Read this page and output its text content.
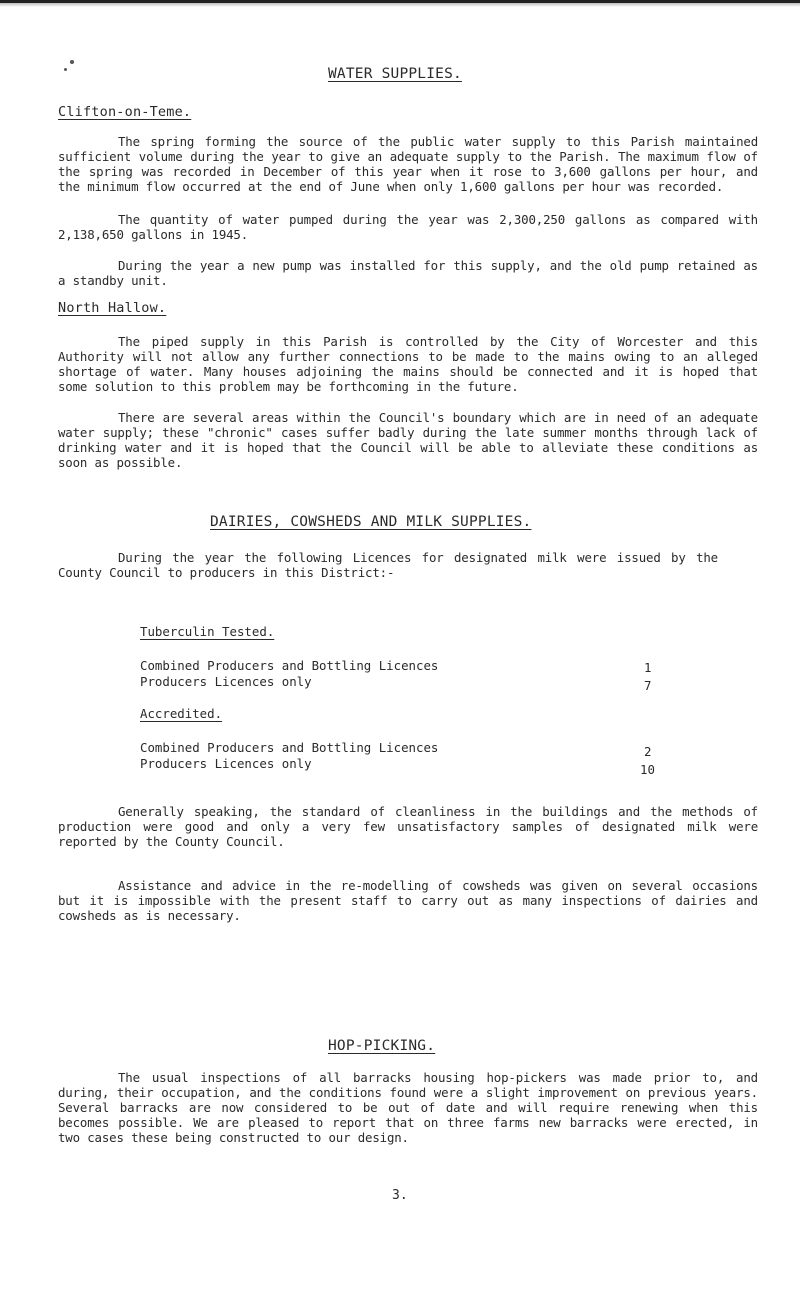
WATER SUPPLIES.
Clifton-on-Teme.
The spring forming the source of the public water supply to this Parish maintained sufficient volume during the year to give an adequate supply to the Parish. The maximum flow of the spring was recorded in December of this year when it rose to 3,600 gallons per hour, and the minimum flow occurred at the end of June when only 1,600 gallons per hour was recorded.
The quantity of water pumped during the year was 2,300,250 gallons as compared with 2,138,650 gallons in 1945.
During the year a new pump was installed for this supply, and the old pump retained as a standby unit.
North Hallow.
The piped supply in this Parish is controlled by the City of Worcester and this Authority will not allow any further connections to be made to the mains owing to an alleged shortage of water. Many houses adjoining the mains should be connected and it is hoped that some solution to this problem may be forthcoming in the future.
There are several areas within the Council's boundary which are in need of an adequate water supply; these "chronic" cases suffer badly during the late summer months through lack of drinking water and it is hoped that the Council will be able to alleviate these conditions as soon as possible.
DAIRIES, COWSHEDS AND MILK SUPPLIES.
During the year the following Licences for designated milk were issued by the County Council to producers in this District:-
Tuberculin Tested.
Combined Producers and Bottling Licences	1
Producers Licences only	7
Accredited.
Combined Producers and Bottling Licences	2
Producers Licences only	10
Generally speaking, the standard of cleanliness in the buildings and the methods of production were good and only a very few unsatisfactory samples of designated milk were reported by the County Council.
Assistance and advice in the re-modelling of cowsheds was given on several occasions but it is impossible with the present staff to carry out as many inspections of dairies and cowsheds as is necessary.
HOP-PICKING.
The usual inspections of all barracks housing hop-pickers was made prior to, and during, their occupation, and the conditions found were a slight improvement on previous years. Several barracks are now considered to be out of date and will require renewing when this becomes possible. We are pleased to report that on three farms new barracks were erected, in two cases these being constructed to our design.
3.
